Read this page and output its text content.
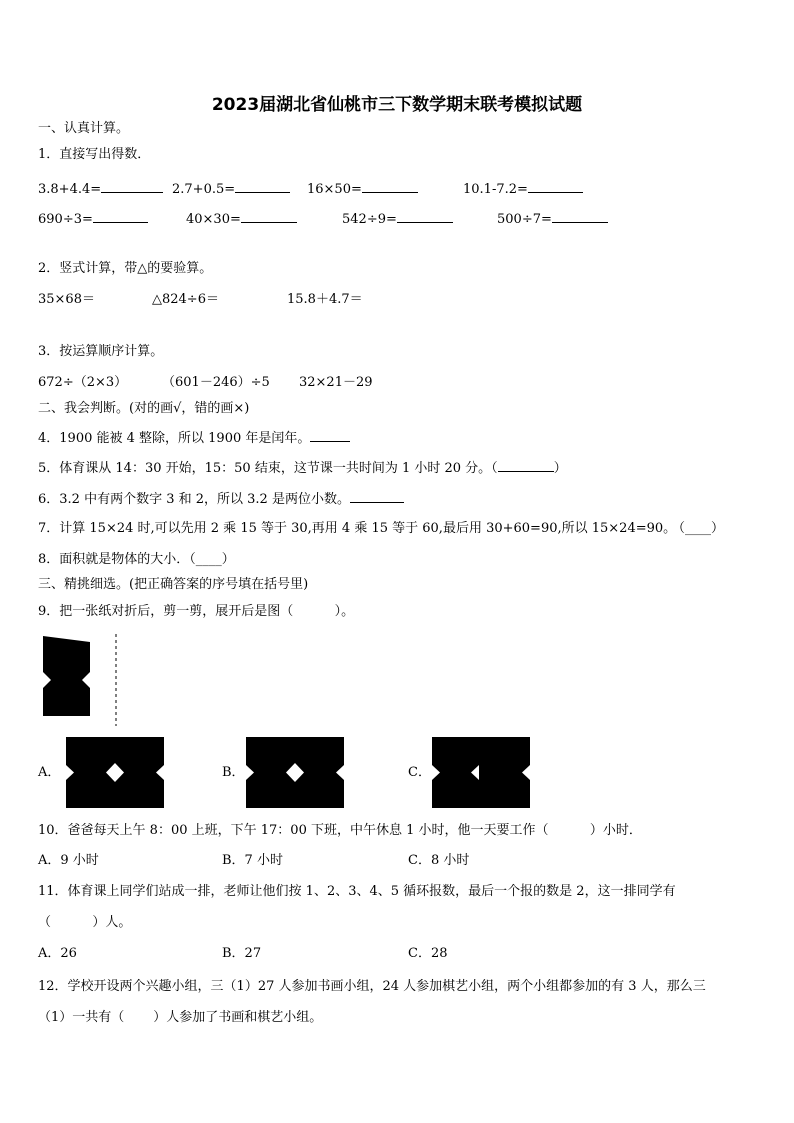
2023届湖北省仙桃市三下数学期末联考模拟试题
一、认真计算。
1．直接写出得数．
3.8+4.4=	2.7+0.5=	16×50=	10.1-7.2=
690÷3=	40×30=	542÷9=	500÷7=
2．竖式计算，带△的要验算。
35×68＝	△824÷6＝	15.8＋4.7＝
3．按运算顺序计算。
672÷（2×3）	（601－246）÷5 32×21－29
二、我会判断。(对的画√，错的画×)
4．1900 能被 4 整除，所以 1900 年是闰年。
5．体育课从 14：30 开始，15：50 结束，这节课一共时间为 1 小时 20 分。（	）
6．3.2 中有两个数字 3 和 2，所以 3.2 是两位小数。
7．计算 15×24 时,可以先用 2 乘 15 等于 30,再用 4 乘 15 等于 60,最后用 30+60=90,所以 15×24=90。
（____）
8．面积就是物体的大小．（____）
三、精挑细选。(把正确答案的序号填在括号里)
9．把一张纸对折后，剪一剪，展开后是图（          ）。
A．	B．	C．
10．爸爸每天上午 8：00 上班，下午 17：00 下班，中午休息 1 小时，他一天要工作（          ）小时．
A．9 小时	B．7 小时	C．8 小时
11．体育课上同学们站成一排，老师让他们按 1、2、3、4、5 循环报数，最后一个报的数是 2，这一排同学有
（          ）人。
A．26	B．27	C．28
12．学校开设两个兴趣小组，三（1）27 人参加书画小组，24 人参加棋艺小组，两个小组都参加的有 3 人，那么三
（1）一共有（       ）人参加了书画和棋艺小组。
